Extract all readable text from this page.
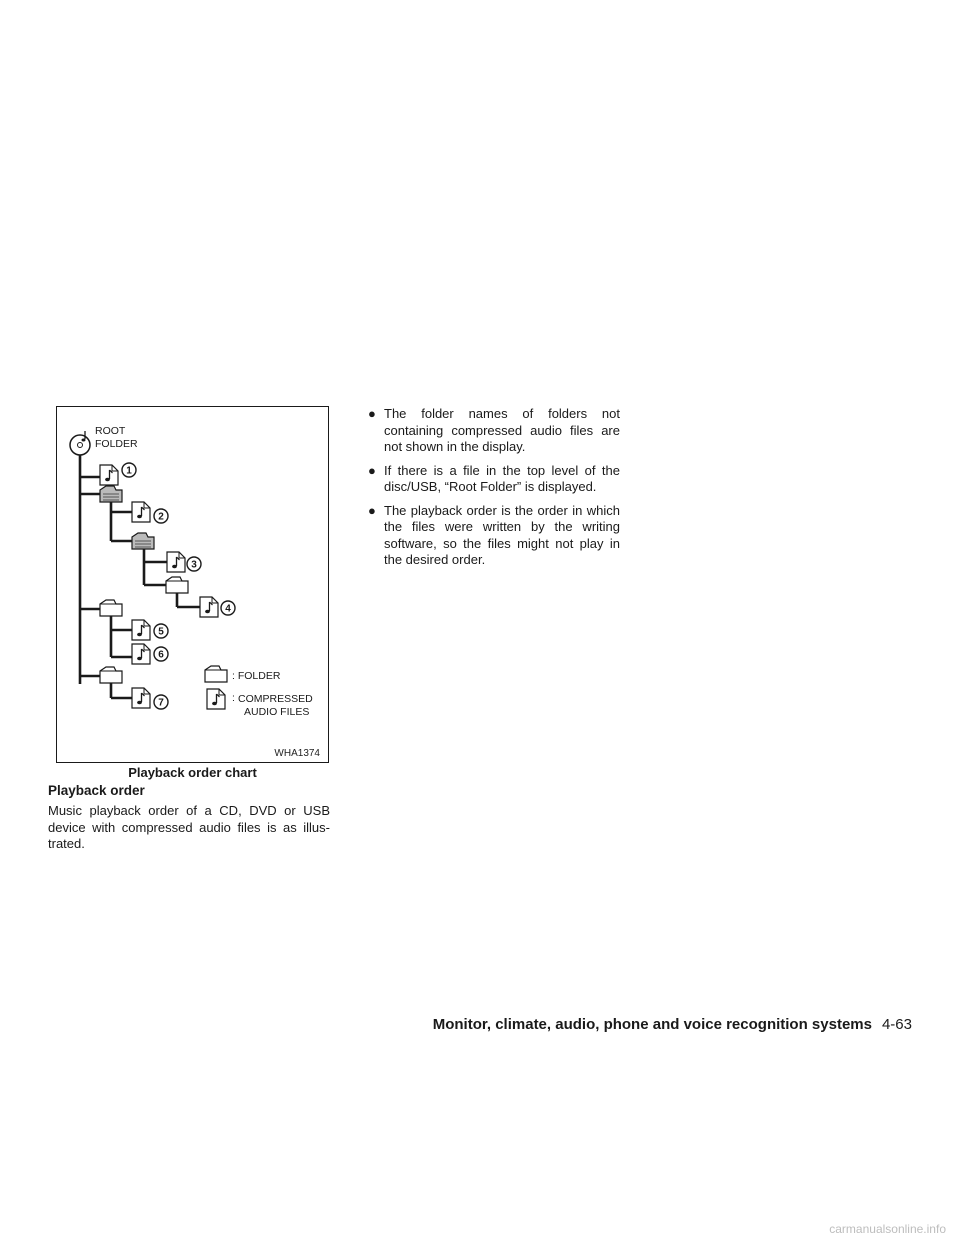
ROOT
FOLDER
1
2
3
4
5
6
7
: FOLDER
: COMPRESSED
AUDIO FILES
WHA1374
Playback order chart
Playback order
Music playback order of a CD, DVD or USB device with compressed audio files is as illus-trated.
● The folder names of folders not containing compressed audio files are not shown in the display.
● If there is a file in the top level of the disc/USB, “Root Folder” is displayed.
● The playback order is the order in which the files were written by the writing software, so the files might not play in the desired order.
Monitor, climate, audio, phone and voice recognition systems 4-63
carmanualsonline.info
